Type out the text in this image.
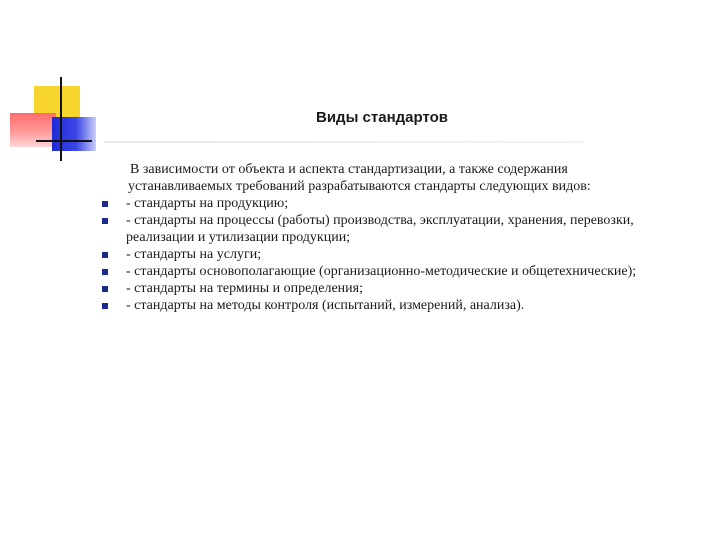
Виды стандартов
В зависимости от объекта и аспекта стандартизации, а также содержания устанавливаемых требований разрабатываются стандарты следующих видов:
- стандарты на продукцию;
- стандарты на процессы (работы) производства, эксплуатации, хранения, перевозки, реализации и утилизации продукции;
- стандарты на услуги;
- стандарты основополагающие (организационно-методические и общетехнические);
- стандарты на термины и определения;
- стандарты на методы контроля (испытаний, измерений, анализа).
